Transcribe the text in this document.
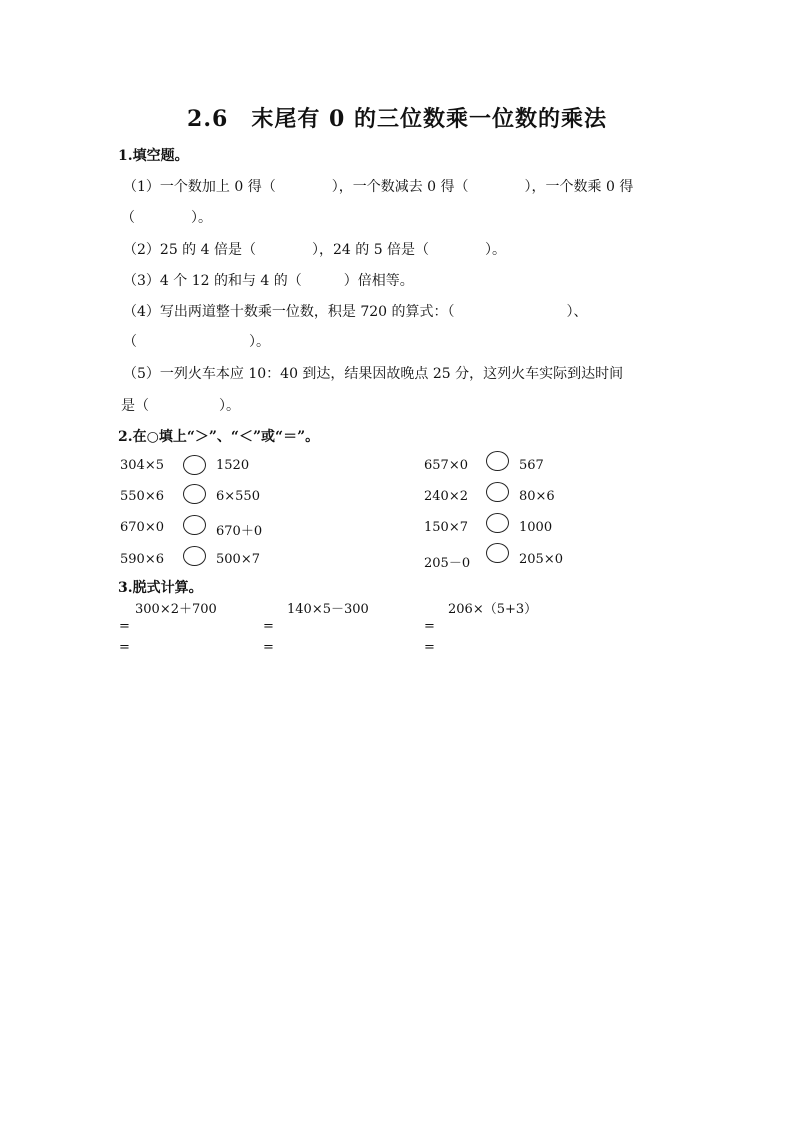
2.6　末尾有 0 的三位数乘一位数的乘法
1.填空题。
（1）一个数加上 0 得（　　　　），一个数减去 0 得（　　　　），一个数乘 0 得
（　　　　）。
（2）25 的 4 倍是（　　　　），24 的 5 倍是（　　　　）。
（3）4 个 12 的和与 4 的（　　　）倍相等。
（4）写出两道整十数乘一位数，积是 720 的算式：（　　　　　　　　）、
（　　　　　　　　）。
（5）一列火车本应 10：40 到达，结果因故晚点 25 分，这列火车实际到达时间
是（　　　　　）。
2.在○填上“＞”、“＜”或“＝”。
304×5	1520	657×0	567
550×6	6×550	240×2	80×6
670×0	670＋0	150×7	1000
590×6	500×7	205－0	205×0
3.脱式计算。
300×2＋700	140×5－300	206×（5+3）
=	=	=
=	=	=
